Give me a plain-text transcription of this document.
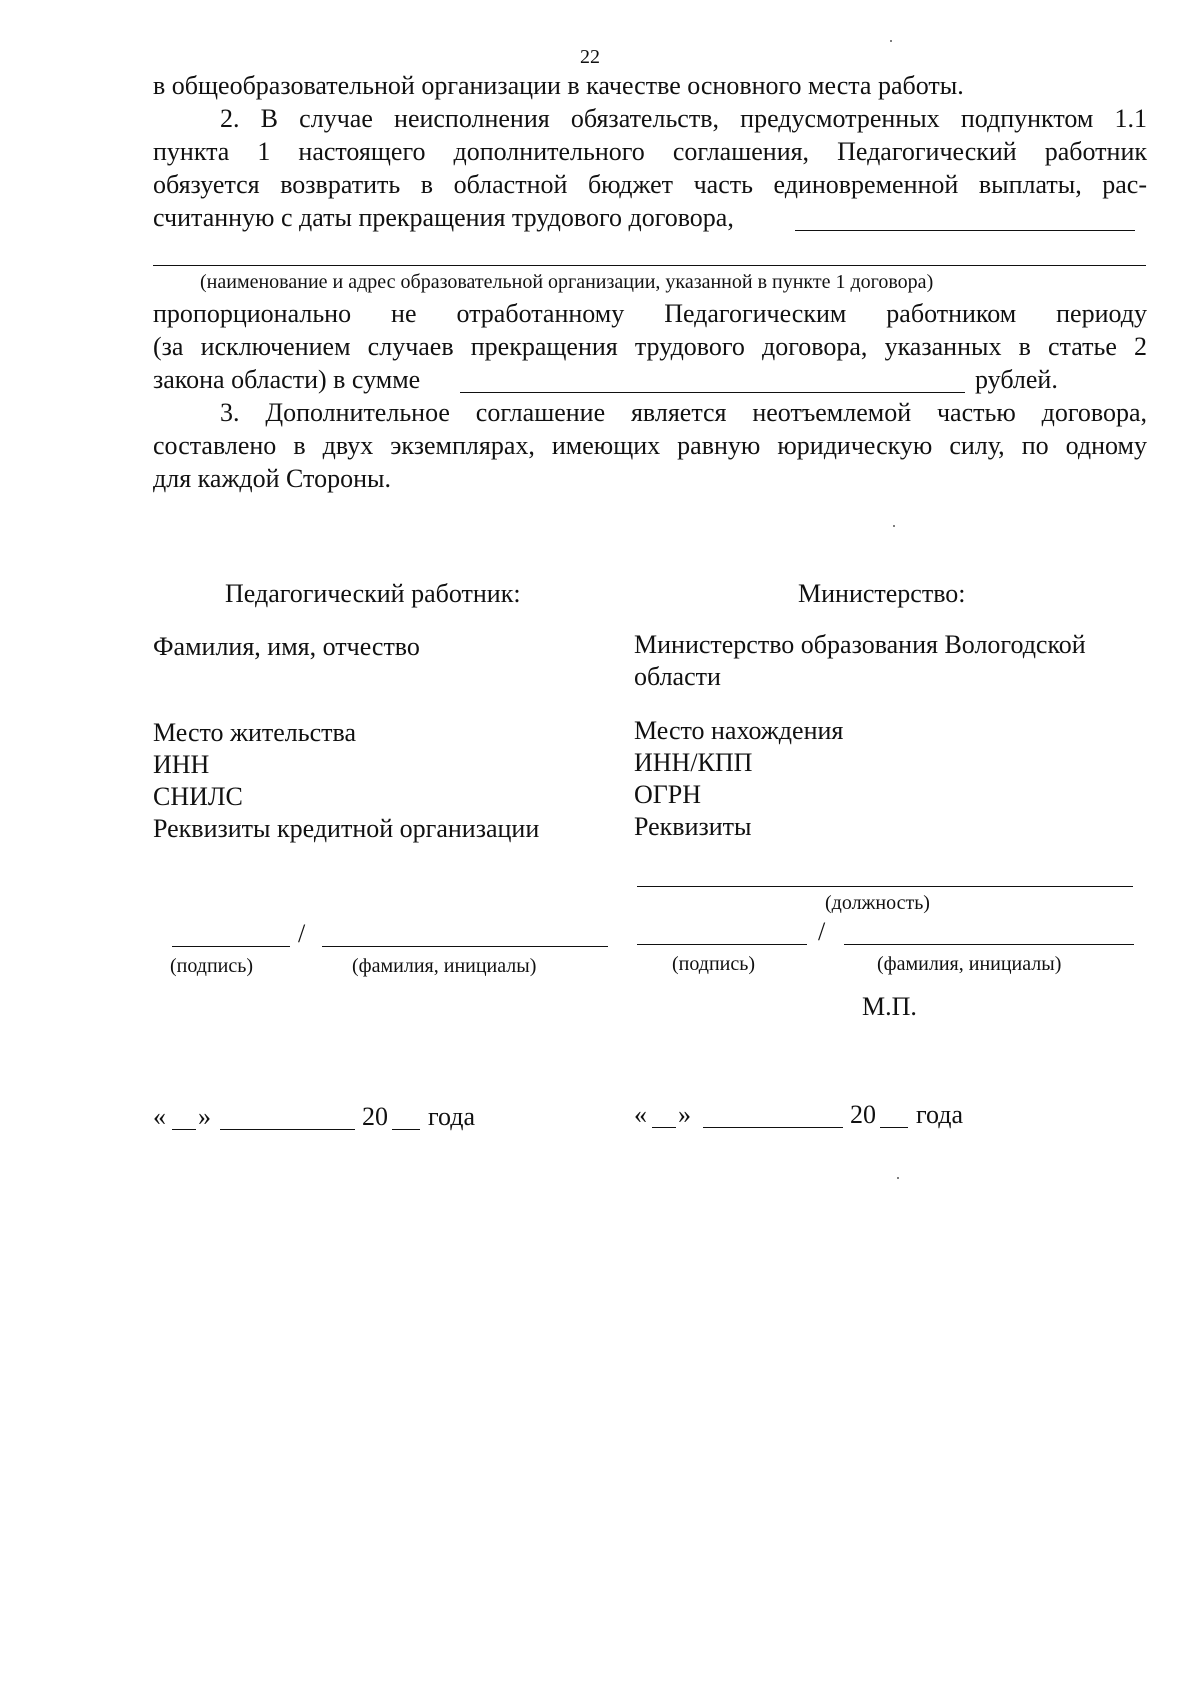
22
в общеобразовательной организации в качестве основного места работы.
2. В случае неисполнения обязательств, предусмотренных подпунктом 1.1
пункта 1 настоящего дополнительного соглашения, Педагогический работник
обязуется возвратить в областной бюджет часть единовременной выплаты, рас-
считанную с даты прекращения трудового договора,
(наименование и адрес образовательной организации, указанной в пункте 1 договора)
пропорционально не отработанному Педагогическим работником периоду
(за исключением случаев прекращения трудового договора, указанных в статье 2
закона области) в сумме	рублей.
3. Дополнительное соглашение является неотъемлемой частью договора,
составлено в двух экземплярах, имеющих равную юридическую силу, по одному
для каждой Стороны.
Педагогический работник:
Фамилия, имя, отчество
Место жительства
ИНН
СНИЛС
Реквизиты кредитной организации
/
(подпись)	(фамилия, инициалы)
« »	20 года
Министерство:
Министерство образования Вологодской
области
Место нахождения
ИНН/КПП
ОГРН
Реквизиты
(должность)
/
(подпись)	(фамилия, инициалы)
М.П.
« »	20 года
